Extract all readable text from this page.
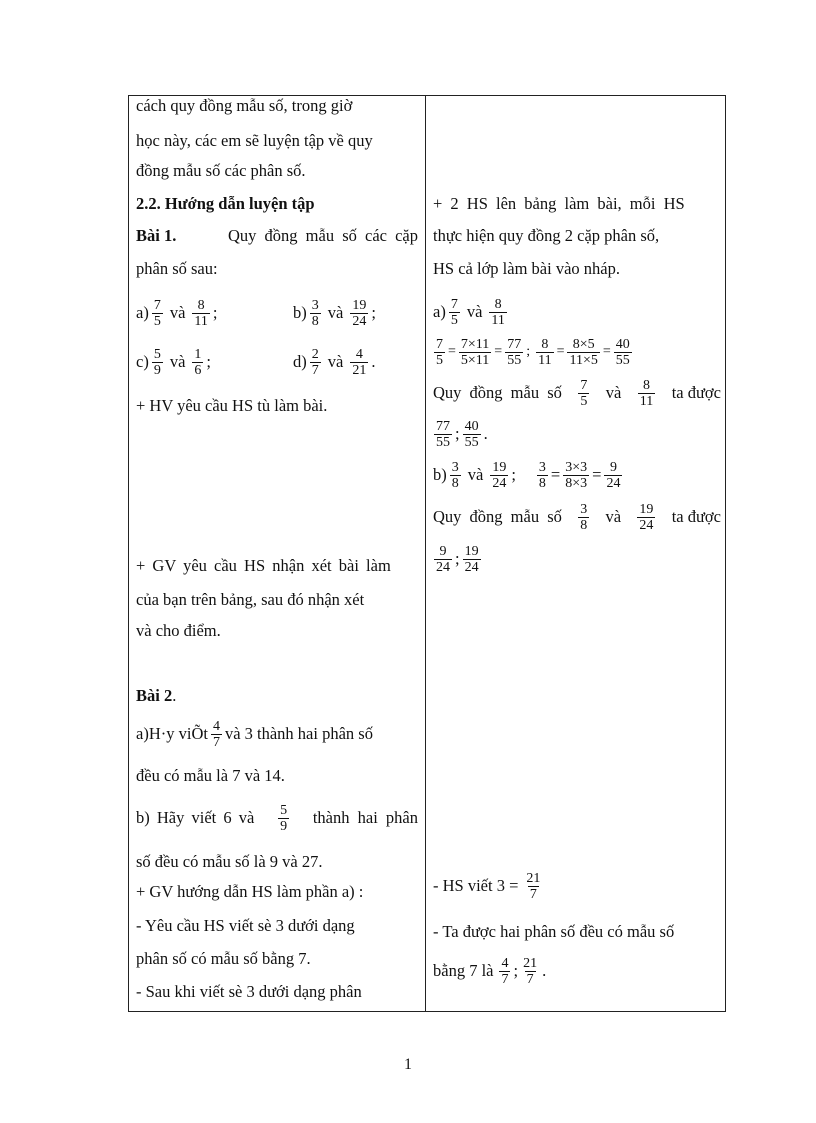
cách quy đồng mẫu số, trong giờ
học này, các em sẽ luyện tập về quy
đồng mẫu số các phân số.
2.2. Hướng dẫn luyện tập
Bài 1.	Quy đồng mẫu số các cặp
phân số sau:
$a) \frac{7}{5}$ và $\frac{8}{11}$ ;	$b) \frac{3}{8}$ và $\frac{19}{24}$ ;
$c) \frac{5}{9}$ và $\frac{1}{6}$ ;	$d) \frac{2}{7}$ và $\frac{4}{21}$ .
+ HV yêu cầu HS tù làm bài.
+ GV yêu cầu HS nhận xét bài làm
của bạn trên bảng, sau đó nhận xét
và cho điểm.
Bài 2.
a)H·y viÕt $\frac{4}{7}$ và 3 thành hai phân số
đều có mẫu là 7 và 14.
b) Hãy viết 6 và $\frac{5}{9}$ thành hai phân
số đều có mẫu số là 9 và 27.
+ GV hướng dẫn HS làm phần a) :
- Yêu cầu HS viết sè 3 dưới dạng
phân số có mẫu số bằng 7.
- Sau khi viết sè 3 dưới dạng phân
+ 2 HS lên bảng làm bài, mỗi HS
thực hiện quy đồng 2 cặp phân số,
HS cả lớp làm bài vào nháp.
$a) \frac{7}{5}$ và $\frac{8}{11}$
$\frac{7}{5} = \frac{7\times 11}{5\times 11} = \frac{77}{55}$ ; $\frac{8}{11} = \frac{8\times 5}{11\times 5} = \frac{40}{55}$
Quy đồng mẫu số $\frac{7}{5}$ và $\frac{8}{11}$ ta được
$\frac{77}{55}$ ; $\frac{40}{55}$ .
$b) \frac{3}{8}$ và $\frac{19}{24}$ ; $\frac{3}{8} = \frac{3\times 3}{8\times 3} = \frac{9}{24}$
Quy đồng mẫu số $\frac{3}{8}$ và $\frac{19}{24}$ ta được
$\frac{9}{24}$ ; $\frac{19}{24}$
- HS viết $3 = \frac{21}{7}$
- Ta được hai phân số đều có mẫu số
bằng 7 là $\frac{4}{7}$ ; $\frac{21}{7}$ .
1
